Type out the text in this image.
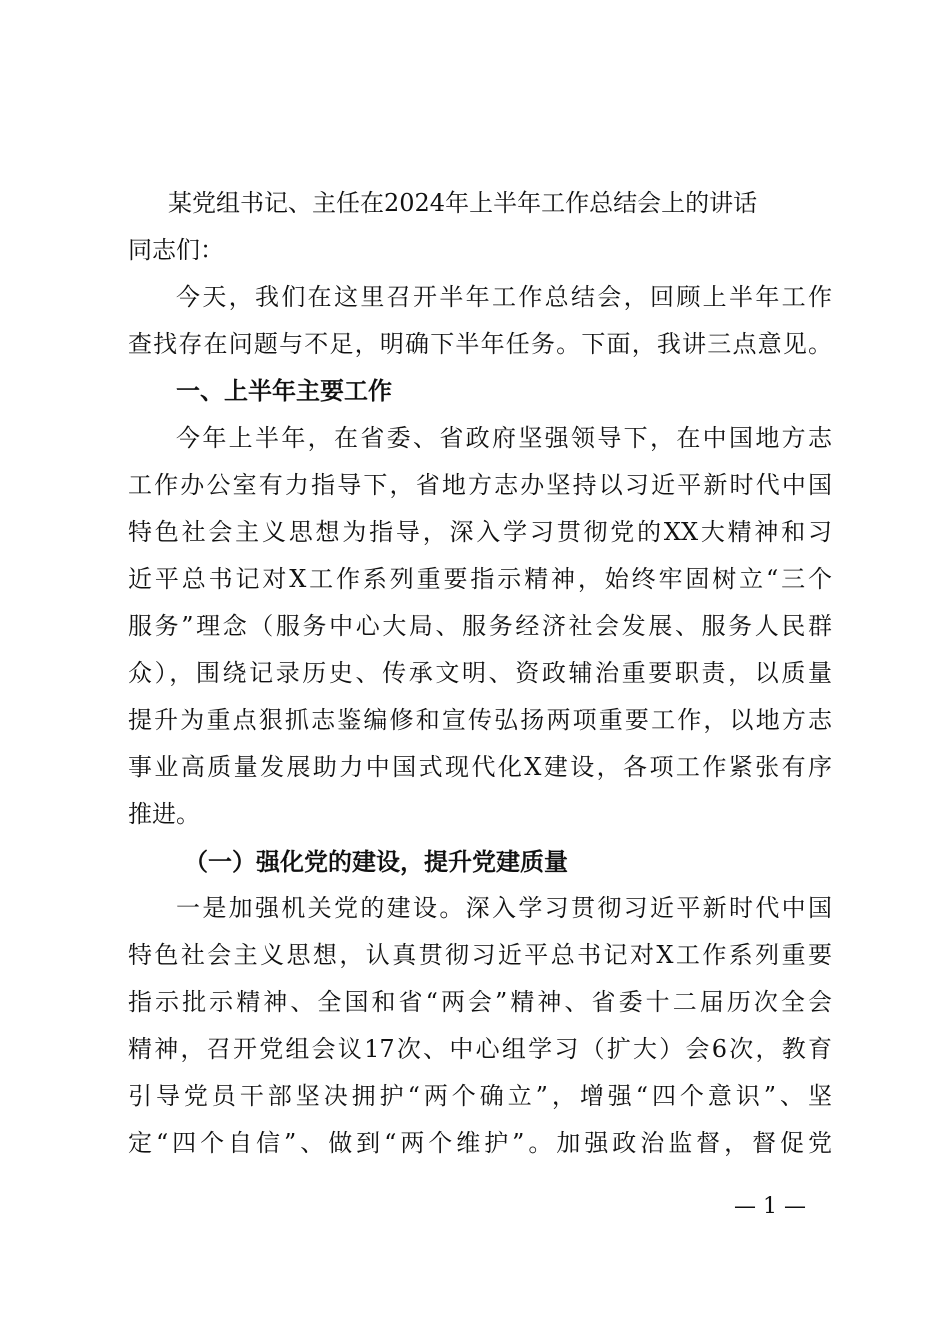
某党组书记、主任在2024年上半年工作总结会上的讲话
同志们：
今天，我们在这里召开半年工作总结会，回顾上半年工作
查找存在问题与不足，明确下半年任务。下面，我讲三点意见。
一、上半年主要工作
今年上半年，在省委、省政府坚强领导下，在中国地方志
工作办公室有力指导下，省地方志办坚持以习近平新时代中国
特色社会主义思想为指导，深入学习贯彻党的XX大精神和习
近平总书记对X工作系列重要指示精神，始终牢固树立“三个
服务”理念（服务中心大局、服务经济社会发展、服务人民群
众），围绕记录历史、传承文明、资政辅治重要职责，以质量
提升为重点狠抓志鉴编修和宣传弘扬两项重要工作，以地方志
事业高质量发展助力中国式现代化X建设，各项工作紧张有序
推进。
（一）强化党的建设，提升党建质量
一是加强机关党的建设。深入学习贯彻习近平新时代中国
特色社会主义思想，认真贯彻习近平总书记对X工作系列重要
指示批示精神、全国和省“两会”精神、省委十二届历次全会
精神，召开党组会议17次、中心组学习（扩大）会6次，教育
引导党员干部坚决拥护“两个确立”，增强“四个意识”、坚
定“四个自信”、做到“两个维护”。加强政治监督，督促党
— 1 —
